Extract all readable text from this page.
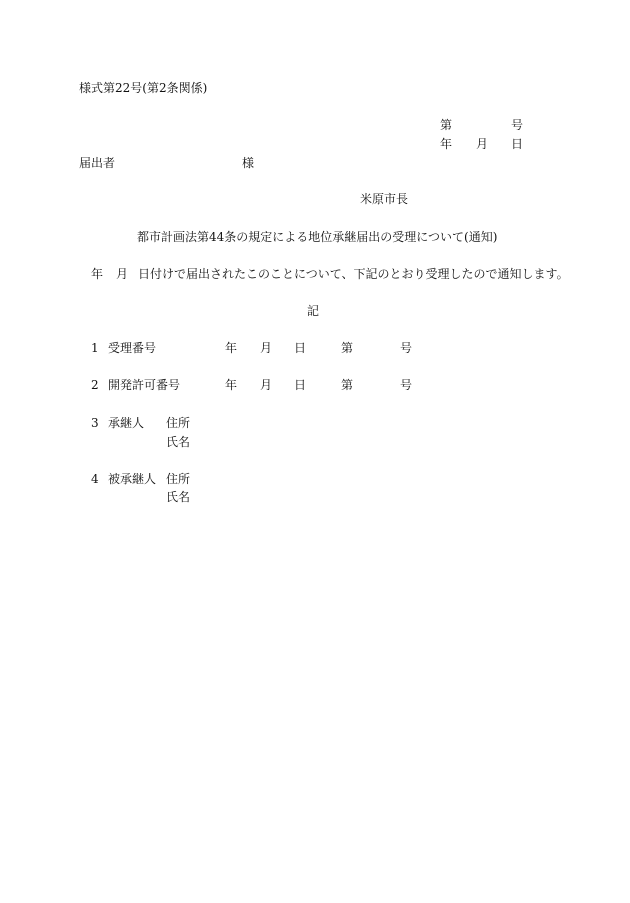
様式第22号(第2条関係)
第	号
年 月 日
届出者	様
米原市長
都市計画法第44条の規定による地位承継届出の受理について(通知)
年 月 日付けで届出されたこのことについて、下記のとおり受理したので通知します。
記
1 受理番号	年 月 日	第	号
2 開発許可番号	年 月 日	第	号
3 承継人 住所
氏名
4 被承継人 住所
氏名
